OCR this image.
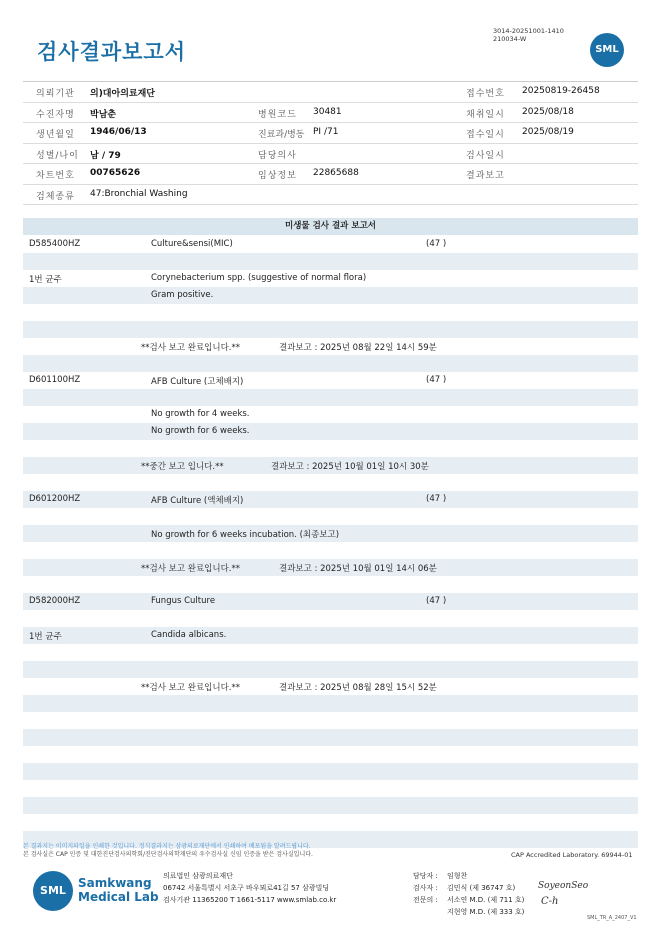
검사결과보고서
3014-20251001-1410
210034-W
SML
의뢰기관 의)대아의료재단	접수번호 20250819-26458
수진자명 박남춘	병원코드 30481	채취일시 2025/08/18
생년월일 1946/06/13	진료과/병동 PI /71	접수일시 2025/08/19
성별/나이 남 / 79	담당의사	검사일시
차트번호 00765626	임상정보 22865688	결과보고
검체종류 47:Bronchial Washing
미생물 검사 결과 보고서
D585400HZ	Culture&sensi(MIC)	(47 )
1번 균주	Corynebacterium spp. (suggestive of normal flora)
Gram positive.
**검사 보고 완료입니다.**	결과보고 : 2025년 08월 22일 14시 59분
D601100HZ	AFB Culture (고체배지)	(47 )
No growth for 4 weeks.
No growth for 6 weeks.
**중간 보고 입니다.**	결과보고 : 2025년 10월 01일 10시 30분
D601200HZ	AFB Culture (액체배지)	(47 )
No growth for 6 weeks incubation. (최종보고)
**검사 보고 완료입니다.**	결과보고 : 2025년 10월 01일 14시 06분
D582000HZ	Fungus Culture	(47 )
1번 균주	Candida albicans.
**검사 보고 완료입니다.**	결과보고 : 2025년 08월 28일 15시 52분
본 결과지는 이미지파일을 인쇄한 것입니다. 정식결과지는 삼광의료재단에서 인쇄하여 배포됨을 알려드립니다.
본 검사실은 CAP 인증 및 대한진단검사의학회/진단검사의학재단의 우수검사실 신임 인증을 받은 검사실입니다.	CAP Accredited Laboratory. 69944-01
SML
Samkwang
Medical Lab
의료법인 삼광의료재단
06742 서울특별시 서초구 바우뫼로41길 57 삼광빌딩
검사기관 11365200 T 1661-5117 www.smlab.co.kr
담당자 : 임형찬
검사자 : 김민식 (제 36747 호)
전문의 : 서소연 M.D. (제 711 호)
지현영 M.D. (제 333 호)
SoyeonSeo
C-h
SML_TR_A_2407_V1
